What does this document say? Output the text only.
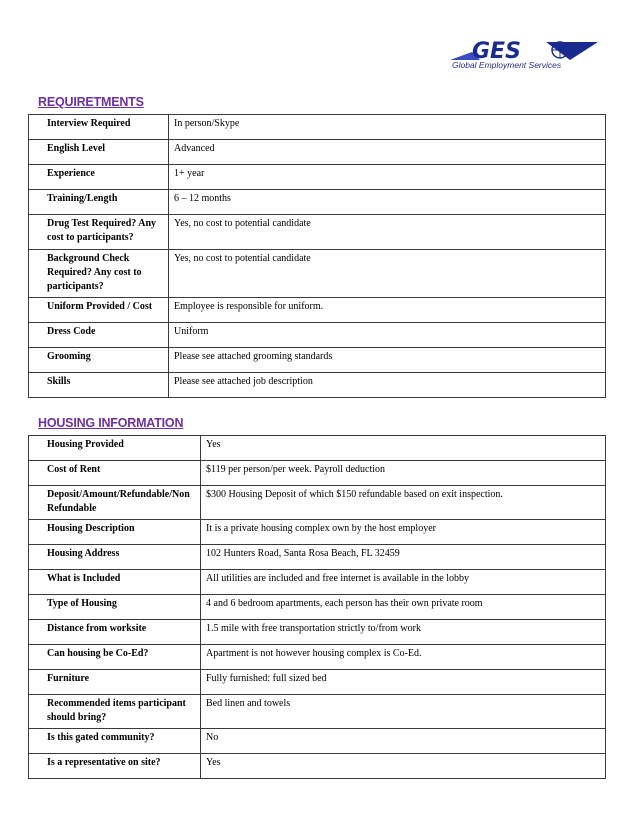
GES
Global Employment Services
REQUIRETMENTS
Interview Required	In person/Skype
English Level	Advanced
Experience	1+ year
Training/Length	6 – 12 months
Drug Test Required? Any cost to participants?	Yes, no cost to potential candidate
Background Check Required? Any cost to participants?	Yes, no cost to potential candidate
Uniform Provided / Cost	Employee is responsible for uniform.
Dress Code	Uniform
Grooming	Please see attached grooming standards
Skills	Please see attached job description
HOUSING INFORMATION
Housing Provided	Yes
Cost of Rent	$119 per person/per week. Payroll deduction
Deposit/Amount/Refundable/Non Refundable	$300 Housing Deposit of which $150 refundable based on exit inspection.
Housing Description	It is a private housing complex own by the host employer
Housing Address	102 Hunters Road, Santa Rosa Beach, FL 32459
What is Included	All utilities are included and free internet is available in the lobby
Type of Housing	4 and 6 bedroom apartments, each person has their own private room
Distance from worksite	1.5 mile with free transportation strictly to/from work
Can housing be Co-Ed?	Apartment is not however housing complex is Co-Ed.
Furniture	Fully furnished: full sized bed
Recommended items participant should bring?	Bed linen and towels
Is this gated community?	No
Is a representative on site?	Yes
